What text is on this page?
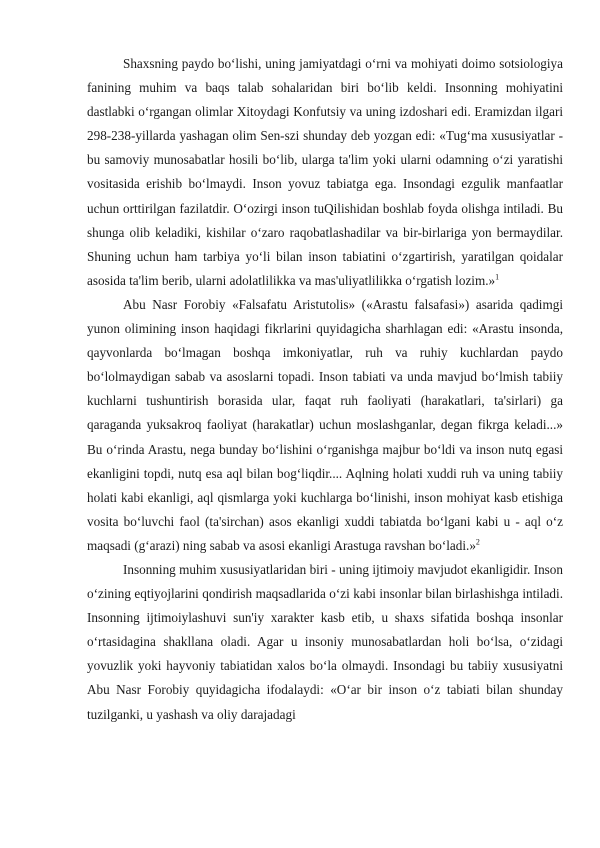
Shaxsning paydo boʻlishi, uning jamiyatdagi oʻrni va mohiyati doimo sotsiologiya fanining muhim va baqs talab sohalaridan biri boʻlib keldi. Insonning mohiyatini dastlabki oʻrgangan olimlar Xitoydagi Konfutsiy va uning izdoshari edi. Eramizdan ilgari 298-238-yillarda yashagan olim Sen-szi shunday deb yozgan edi: «Tugʻma xususiyatlar - bu samoviy munosabatlar hosili boʻlib, ularga ta'lim yoki ularni odamning oʻzi yaratishi vositasida erishib boʻlmaydi. Inson yovuz tabiatga ega. Insondagi ezgulik manfaatlar uchun orttirilgan fazilatdir. Oʻozirgi inson tuQilishidan boshlab foyda olishga intiladi. Bu shunga olib keladiki, kishilar oʻzaro raqobatlashadilar va bir-birlariga yon bermaydilar. Shuning uchun ham tarbiya yoʻli bilan inson tabiatini oʻzgartirish, yaratilgan qoidalar asosida ta'lim berib, ularni adolatlilikka va mas'uliyatlilikka oʻrgatish lozim.»$^1$

Abu Nasr Forobiy «Falsafatu Aristutolis» («Arastu falsafasi») asarida qadimgi yunon olimining inson haqidagi fikrlarini quyidagicha sharhlagan edi: «Arastu insonda, qayvonlarda boʻlmagan boshqa imkoniyatlar, ruh va ruhiy kuchlardan paydo boʻlolmaydigan sabab va asoslarni topadi. Inson tabiati va unda mavjud boʻlmish tabiiy kuchlarni tushuntirish borasida ular, faqat ruh faoliyati (harakatlari, ta'sirlari) ga qaraganda yuksakroq faoliyat (harakatlar) uchun moslashganlar, degan fikrga keladi...» Bu oʻrinda Arastu, nega bunday boʻlishini oʻrganishga majbur boʻldi va inson nutq egasi ekanligini topdi, nutq esa aql bilan bogʻliqdir.... Aqlning holati xuddi ruh va uning tabiiy holati kabi ekanligi, aql qismlarga yoki kuchlarga boʻlinishi, inson mohiyat kasb etishiga vosita boʻluvchi faol (ta'sirchan) asos ekanligi xuddi tabiatda boʻlgani kabi u - aql oʻz maqsadi (gʻarazi) ning sabab va asosi ekanligi Arastuga ravshan boʻladi.»$^2$

Insonning muhim xususiyatlaridan biri - uning ijtimoiy mavjudot ekanligidir. Inson oʻzining eqtiyojlarini qondirish maqsadlarida oʻzi kabi insonlar bilan birlashishga intiladi. Insonning ijtimoiylashuvi sun'iy xarakter kasb etib, u shaxs sifatida boshqa insonlar oʻrtasidagina shakllana oladi. Agar u insoniy munosabatlardan holi boʻlsa, oʻzidagi yovuzlik yoki hayvoniy tabiatidan xalos boʻla olmaydi. Insondagi bu tabiiy xususiyatni Abu Nasr Forobiy quyidagicha ifodalaydi: «Oʻar bir inson oʻz tabiati bilan shunday tuzilganki, u yashash va oliy darajadagi
